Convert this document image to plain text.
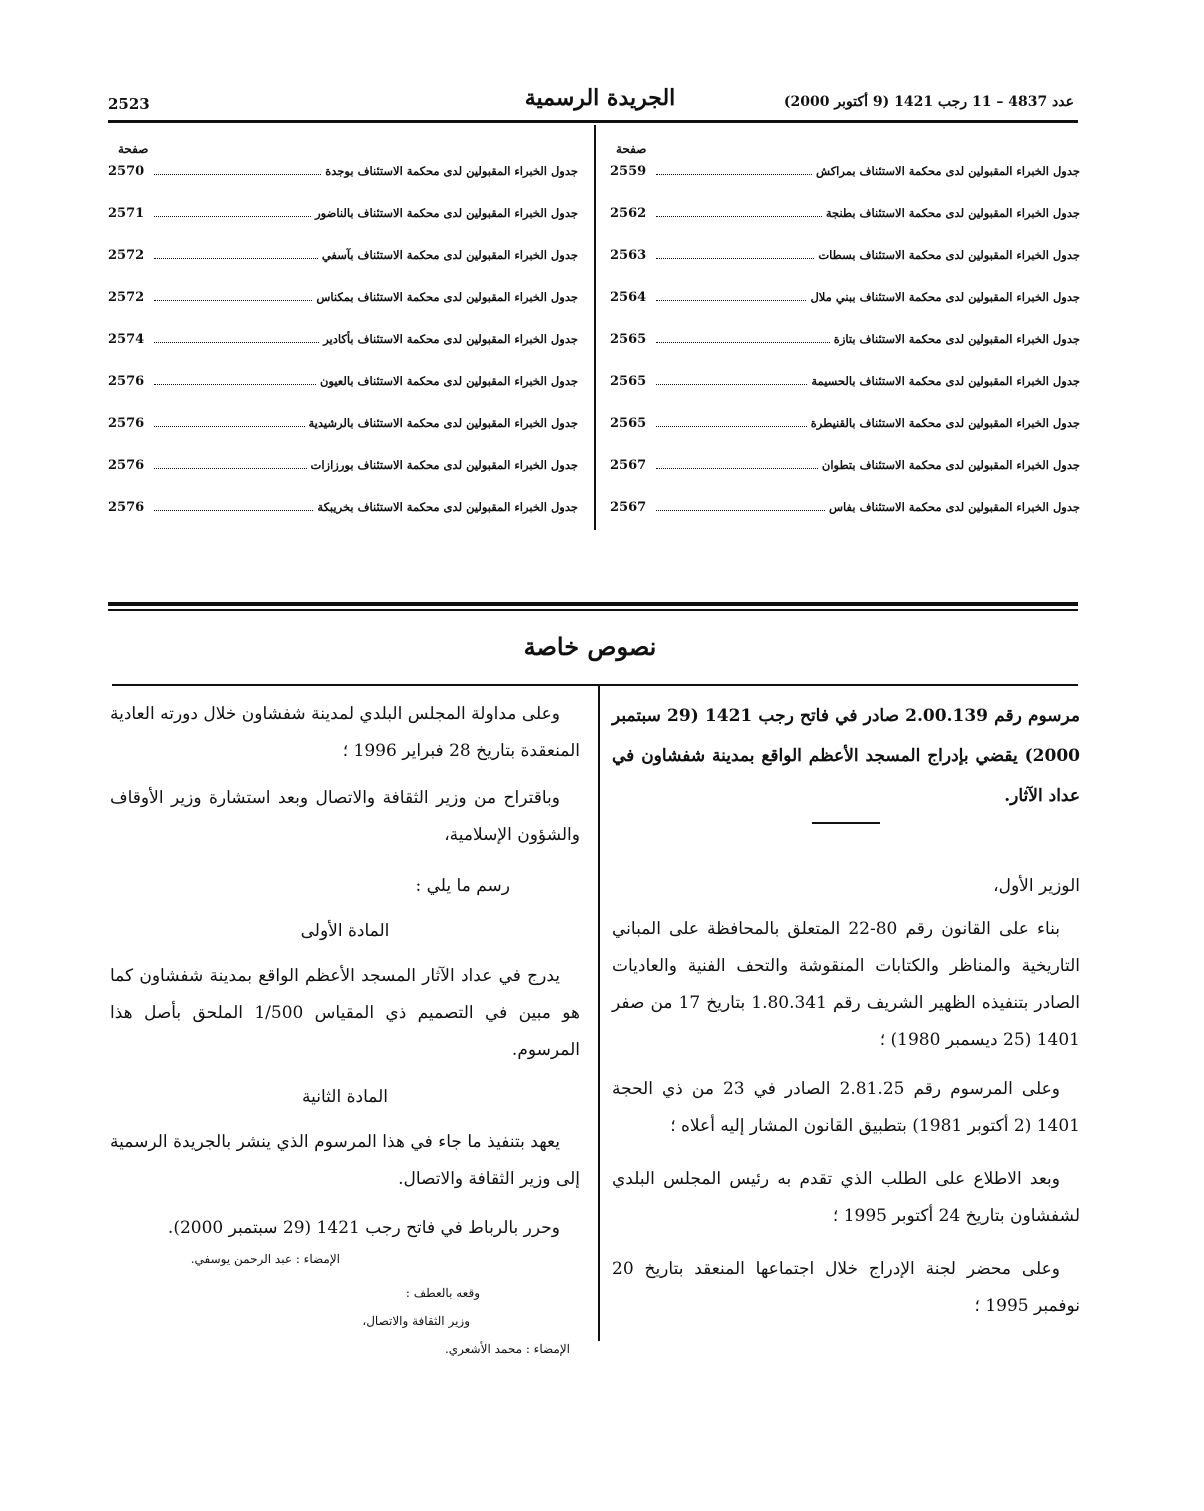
2523	الجريدة الرسمية	عدد 4837 – 11 رجب 1421 (9 أكتوبر 2000)
صفحة
2559	جدول الخبراء المقبولين لدى محكمة الاستئناف بمراكش
2562	جدول الخبراء المقبولين لدى محكمة الاستئناف بطنجة
2563	جدول الخبراء المقبولين لدى محكمة الاستئناف بسطات
2564	جدول الخبراء المقبولين لدى محكمة الاستئناف ببني ملال
2565	جدول الخبراء المقبولين لدى محكمة الاستئناف بتازة
2565	جدول الخبراء المقبولين لدى محكمة الاستئناف بالحسيمة
2565	جدول الخبراء المقبولين لدى محكمة الاستئناف بالقنيطرة
2567	جدول الخبراء المقبولين لدى محكمة الاستئناف بتطوان
2567	جدول الخبراء المقبولين لدى محكمة الاستئناف بفاس
صفحة
2570	جدول الخبراء المقبولين لدى محكمة الاستئناف بوجدة
2571	جدول الخبراء المقبولين لدى محكمة الاستئناف بالناضور
2572	جدول الخبراء المقبولين لدى محكمة الاستئناف بآسفي
2572	جدول الخبراء المقبولين لدى محكمة الاستئناف بمكناس
2574	جدول الخبراء المقبولين لدى محكمة الاستئناف بأكادير
2576	جدول الخبراء المقبولين لدى محكمة الاستئناف بالعيون
2576	جدول الخبراء المقبولين لدى محكمة الاستئناف بالرشيدية
2576	جدول الخبراء المقبولين لدى محكمة الاستئناف بورزازات
2576	جدول الخبراء المقبولين لدى محكمة الاستئناف بخريبكة
نصوص خاصة

مرسوم رقم 2.00.139 صادر في فاتح رجب 1421 (29 سبتمبر 2000) يقضي بإدراج المسجد الأعظم الواقع بمدينة شفشاون في عداد الآثار.

الوزير الأول،

بناء على القانون رقم 80-22 المتعلق بالمحافظة على المباني التاريخية والمناظر والكتابات المنقوشة والتحف الفنية والعاديات الصادر بتنفيذه الظهير الشريف رقم 1.80.341 بتاريخ 17 من صفر 1401 (25 ديسمبر 1980) ؛

وعلى المرسوم رقم 2.81.25 الصادر في 23 من ذي الحجة 1401 (2 أكتوبر 1981) بتطبيق القانون المشار إليه أعلاه ؛

وبعد الاطلاع على الطلب الذي تقدم به رئيس المجلس البلدي لشفشاون بتاريخ 24 أكتوبر 1995 ؛

وعلى محضر لجنة الإدراج خلال اجتماعها المنعقد بتاريخ 20 نوفمبر 1995 ؛

وعلى مداولة المجلس البلدي لمدينة شفشاون خلال دورته العادية المنعقدة بتاريخ 28 فبراير 1996 ؛

وباقتراح من وزير الثقافة والاتصال وبعد استشارة وزير الأوقاف والشؤون الإسلامية،

رسم ما يلي :

المادة الأولى

يدرج في عداد الآثار المسجد الأعظم الواقع بمدينة شفشاون كما هو مبين في التصميم ذي المقياس 1/500 الملحق بأصل هذا المرسوم.

المادة الثانية

يعهد بتنفيذ ما جاء في هذا المرسوم الذي ينشر بالجريدة الرسمية إلى وزير الثقافة والاتصال.

وحرر بالرباط في فاتح رجب 1421 (29 سبتمبر 2000).

الإمضاء : عبد الرحمن يوسفي.

وقعه بالعطف :

وزير الثقافة والاتصال،

الإمضاء : محمد الأشعري.
